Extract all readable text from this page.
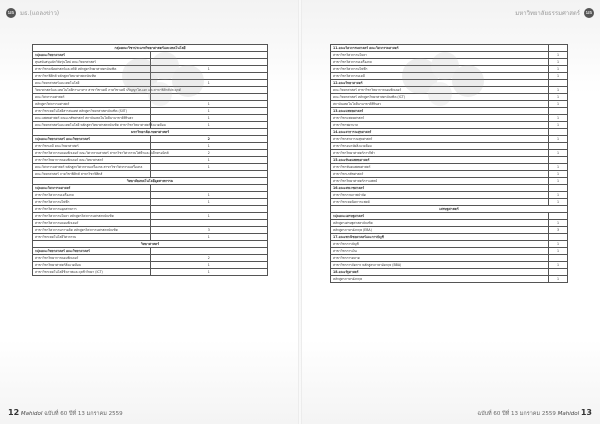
มธ มธ.(แถลงข่าว)
กลุ่มคณะวิชาประเภทวิทยาศาสตร์และเทคโนโลยี	
กลุ่มคณะวิทยาศาสตร์	
ทุนสนับสนุนนักวิจัยรุ่นใหม่ คณะวิทยาศาสตร์	
สาขาวิชาคณิตศาสตร์และสถิติ หลักสูตรวิทยาศาสตรบัณฑิต	1
สาขาวิชาฟิสิกส์ หลักสูตรวิทยาศาสตรบัณฑิต	
คณะวิทยาศาสตร์และเทคโนโลยี	1
วิทยาศาสตร์และเทคโนโลยีการอาหาร สาขาวิชาเคมี ภาควิชาเคมี ปริญญาโท-เอก และสาขาฟิสิกส์ประยุกต์	
คณะวิศวกรรมศาสตร์	
หลักสูตรวิศวกรรมศาสตร์	1
สาขาวิชาเทคโนโลยีสารสนเทศ หลักสูตรวิทยาศาสตรบัณฑิต (SIIT)	1
คณะแพทยศาสตร์ คณะเภสัชศาสตร์ สถาบันเทคโนโลยีนานาชาติสิรินธร	1
คณะวิทยาศาสตร์และเทคโนโลยี หลักสูตรวิทยาศาสตรบัณฑิต สาขาวิชาวิทยาศาสตร์สิ่งแวดล้อม	1
มหาวิทยาลัยเกษตรศาสตร์	
กลุ่มคณะวิทยาศาสตร์ คณะวิทยาศาสตร์	2
สาขาวิชาเคมี คณะวิทยาศาสตร์	1
สาขาวิชาวิศวกรรมคอมพิวเตอร์ คณะวิศวกรรมศาสตร์ สาขาวิชาวิศวกรรมไฟฟ้าและอิเล็กทรอนิกส์	2
สาขาวิชาวิทยาการคอมพิวเตอร์ คณะวิทยาศาสตร์	1
คณะวิศวกรรมศาสตร์ หลักสูตรวิศวกรรมเครื่องกล สาขาวิชาวิศวกรรมเครื่องกล	1
คณะวิทยาศาสตร์ ภาควิชาฟิสิกส์ สาขาวิชาฟิสิกส์	
วิทยาลัยเทคโนโลยีอุตสาหกรรม	
กลุ่มคณะวิศวกรรมศาสตร์	
สาขาวิชาวิศวกรรมเครื่องกล	1
สาขาวิชาวิศวกรรมไฟฟ้า	1
สาขาวิชาวิศวกรรมอุตสาหการ	
สาขาวิชาวิศวกรรมโยธา หลักสูตรวิศวกรรมศาสตรบัณฑิต	1
สาขาวิชาวิศวกรรมคอมพิวเตอร์	
สาขาวิชาวิศวกรรมการผลิต หลักสูตรวิศวกรรมศาสตรบัณฑิต	3
สาขาวิชาเทคโนโลยีวิศวกรรม	1
วิทยาศาสตร์	
กลุ่มคณะวิทยาศาสตร์ คณะวิทยาศาสตร์	
สาขาวิชาวิทยาการคอมพิวเตอร์	2
สาขาวิชาวิทยาศาสตร์สิ่งแวดล้อม	1
สาขาวิชาเทคโนโลยีชีวภาพและจุลชีววิทยา (ICT)	1
12 Mahidol ฉบับที่ 60 ปีที่ 13 มกราคม 2559
มหาวิทยาลัยธรรมศาสตร์	มธ
11.คณะวิศวกรรมศาสตร์ คณะวิศวกรรมศาสตร์	
สาขาวิชาวิศวกรรมโยธา	1
สาขาวิชาวิศวกรรมเครื่องกล	1
สาขาวิชาวิศวกรรมไฟฟ้า	1
สาขาวิชาวิศวกรรมเคมี	1
12.คณะวิทยาศาสตร์	
คณะวิทยาศาสตร์ สาขาวิชาวิทยาการคอมพิวเตอร์	1
คณะวิทยาศาสตร์ หลักสูตรวิทยาศาสตรบัณฑิต (ICT)	1
สถาบันเทคโนโลยีนานาชาติสิรินธร	1
13.คณะแพทยศาสตร์	
สาขาวิชาแพทยศาสตร์	1
สาขาวิชาพยาบาล	1
14.คณะสาธารณสุขศาสตร์	
สาขาวิชาสาธารณสุขศาสตร์	1
สาขาวิชาอนามัยสิ่งแวดล้อม	
สาขาวิชาวิทยาศาสตร์การกีฬา	1
15.คณะทันตแพทยศาสตร์	
สาขาวิชาทันตแพทยศาสตร์	1
สาขาวิชาเภสัชศาสตร์	1
สาขาวิชาวิทยาศาสตร์การแพทย์	1
16.คณะสหเวชศาสตร์	
สาขาวิชากายภาพบำบัด	1
สาขาวิชาเทคนิคการแพทย์	1
เศรษฐศาสตร์	
กลุ่มคณะเศรษฐศาสตร์	
หลักสูตรเศรษฐศาสตรบัณฑิต	1
หลักสูตรภาษาอังกฤษ (EBA)	3
17.คณะพาณิชยศาสตร์และการบัญชี	
สาขาวิชาการบัญชี	1
สาขาวิชาการเงิน	1
สาขาวิชาการตลาด	
สาขาวิชาการจัดการ หลักสูตรภาษาอังกฤษ (BBA)	1
18.คณะรัฐศาสตร์	
หลักสูตรภาษาอังกฤษ	1
ฉบับที่ 60 ปีที่ 13 มกราคม 2559 Mahidol 13
